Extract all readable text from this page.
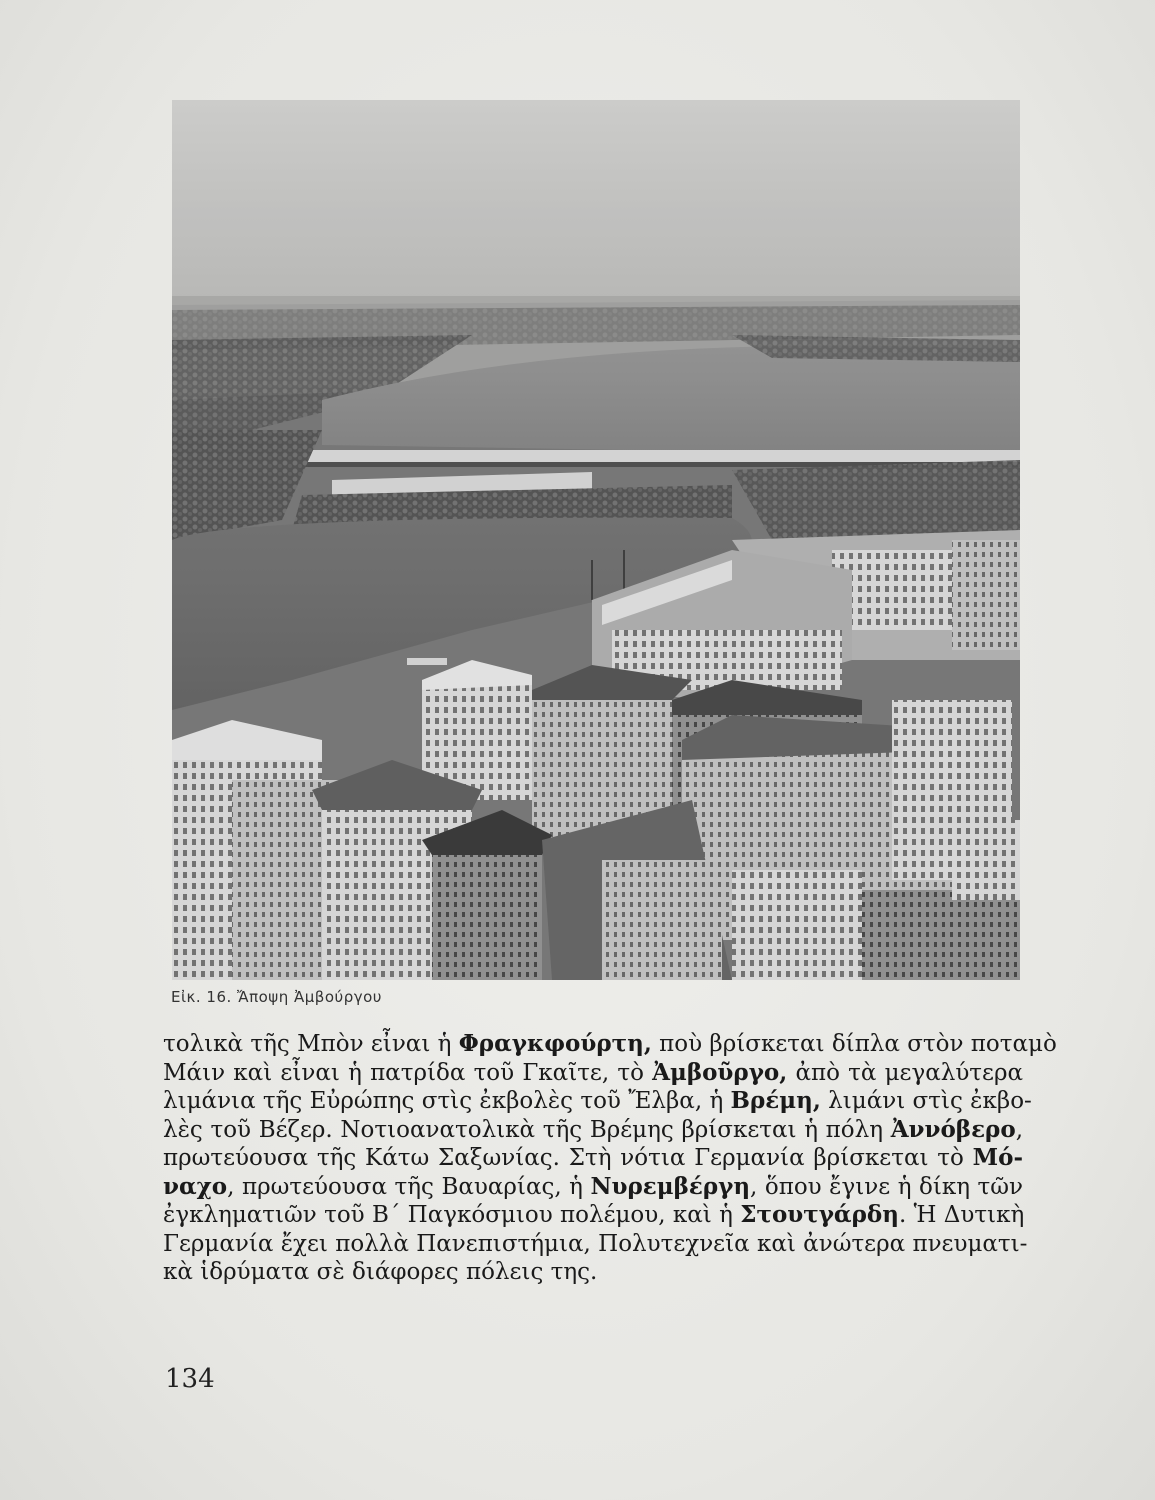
Εἰκ. 16. Ἄποψη Ἀμβούργου
τολικὰ τῆς Μπὸν εἶναι ἡ Φραγκφούρτη, ποὺ βρίσκεται δίπλα στὸν ποταμὸ
Μάιν καὶ εἶναι ἡ πατρίδα τοῦ Γκαῖτε, τὸ Ἀμβοῦργο, ἀπὸ τὰ μεγαλύτερα
λιμάνια τῆς Εὐρώπης στὶς ἐκβολὲς τοῦ Ἔλβα, ἡ Βρέμη, λιμάνι στὶς ἐκβο-
λὲς τοῦ Βέζερ. Νοτιοανατολικὰ τῆς Βρέμης βρίσκεται ἡ πόλη Ἀννόβερο,
πρωτεύουσα τῆς Κάτω Σαξωνίας. Στὴ νότια Γερμανία βρίσκεται τὸ Μό-
ναχο, πρωτεύουσα τῆς Βαυαρίας, ἡ Νυρεμβέργη, ὅπου ἔγινε ἡ δίκη τῶν
ἐγκληματιῶν τοῦ Β΄ Παγκόσμιου πολέμου, καὶ ἡ Στουτγάρδη. Ἡ Δυτικὴ
Γερμανία ἔχει πολλὰ Πανεπιστήμια, Πολυτεχνεῖα καὶ ἀνώτερα πνευματι-
κὰ ἱδρύματα σὲ διάφορες πόλεις της.
134
